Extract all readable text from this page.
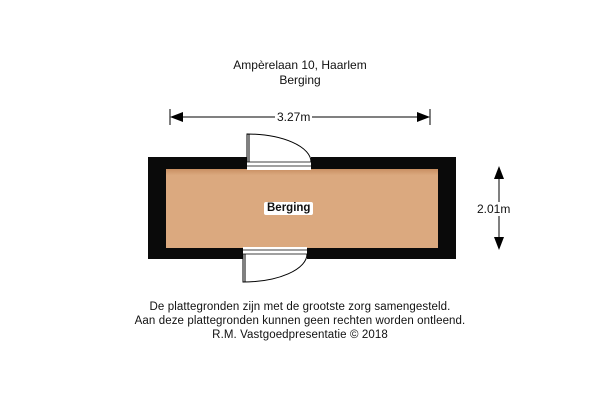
Ampèrelaan 10, Haarlem
Berging
3.27m
2.01m
Berging
De plattegronden zijn met de grootste zorg samengesteld.
Aan deze plattegronden kunnen geen rechten worden ontleend.
R.M. Vastgoedpresentatie © 2018
